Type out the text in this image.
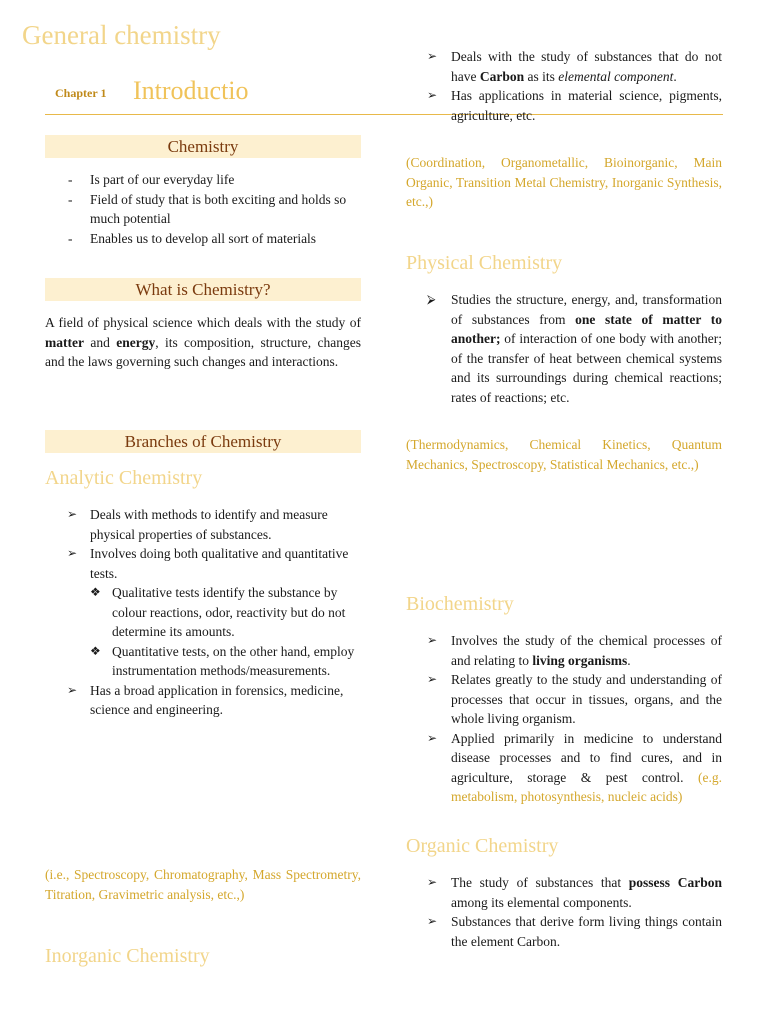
General chemistry
Chapter 1 Introductio
Chemistry
- Is part of our everyday life
- Field of study that is both exciting and holds so much potential
- Enables us to develop all sort of materials
What is Chemistry?
A field of physical science which deals with the study of matter and energy, its composition, structure, changes and the laws governing such changes and interactions.
Branches of Chemistry
Analytic Chemistry
➢ Deals with methods to identify and measure physical properties of substances.
➢ Involves doing both qualitative and quantitative tests.
❖ Qualitative tests identify the substance by colour reactions, odor, reactivity but do not determine its amounts.
❖ Quantitative tests, on the other hand, employ instrumentation methods/measurements.
➢ Has a broad application in forensics, medicine, science and engineering.
(i.e., Spectroscopy, Chromatography, Mass Spectrometry, Titration, Gravimetric analysis, etc.,)
Inorganic Chemistry
➢ Deals with the study of substances that do not have Carbon as its elemental component.
➢ Has applications in material science, pigments, agriculture, etc.
(Coordination, Organometallic, Bioinorganic, Main Organic, Transition Metal Chemistry, Inorganic Synthesis, etc.,)
Physical Chemistry
⮚ Studies the structure, energy, and, transformation of substances from one state of matter to another; of interaction of one body with another; of the transfer of heat between chemical systems and its surroundings during chemical reactions; rates of reactions; etc.
(Thermodynamics, Chemical Kinetics, Quantum Mechanics, Spectroscopy, Statistical Mechanics, etc.,)
Biochemistry
➢ Involves the study of the chemical processes of and relating to living organisms.
➢ Relates greatly to the study and understanding of processes that occur in tissues, organs, and the whole living organism.
➢ Applied primarily in medicine to understand disease processes and to find cures, and in agriculture, storage & pest control. (e.g. metabolism, photosynthesis, nucleic acids)
Organic Chemistry
➢ The study of substances that possess Carbon among its elemental components.
➢ Substances that derive form living things contain the element Carbon.
